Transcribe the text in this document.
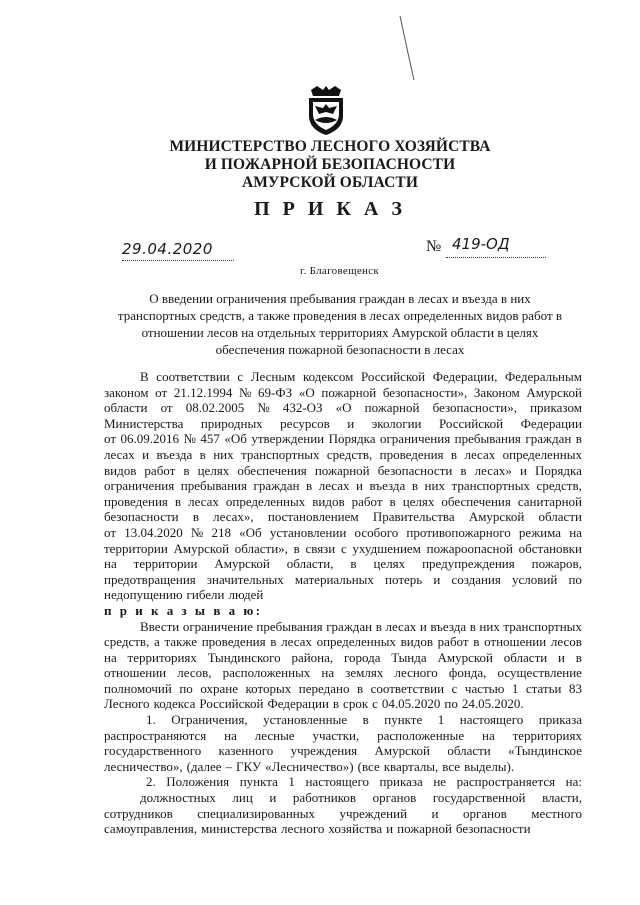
МИНИСТЕРСТВО ЛЕСНОГО ХОЗЯЙСТВА
И ПОЖАРНОЙ БЕЗОПАСНОСТИ
АМУРСКОЙ ОБЛАСТИ
П Р И К А З
29.04.2020	№ 419-ОД
г. Благовещенск
О введении ограничения пребывания граждан в лесах и въезда в них
транспортных средств, а также проведения в лесах определенных видов работ в
отношении лесов на отдельных территориях Амурской области в целях
обеспечения пожарной безопасности в лесах
В соответствии с Лесным кодексом Российской Федерации, Федеральным
законом от 21.12.1994 № 69-ФЗ «О пожарной безопасности», Законом Амурской
области от 08.02.2005 № 432-ОЗ «О пожарной безопасности», приказом
Министерства природных ресурсов и экологии Российской Федерации
от 06.09.2016 № 457 «Об утверждении Порядка ограничения пребывания граждан в
лесах и въезда в них транспортных средств, проведения в лесах определенных
видов работ в целях обеспечения пожарной безопасности в лесах» и Порядка
ограничения пребывания граждан в лесах и въезда в них транспортных средств,
проведения в лесах определенных видов работ в целях обеспечения санитарной
безопасности в лесах», постановлением Правительства Амурской области
от 13.04.2020 № 218 «Об установлении особого противопожарного режима на
территории Амурской области», в связи с ухудшением пожароопасной обстановки
на территории Амурской области, в целях предупреждения пожаров,
предотвращения значительных материальных потерь и создания условий по
недопущению гибели людей
п р и к а з ы в а ю:
Ввести ограничение пребывания граждан в лесах и въезда в них транспортных
средств, а также проведения в лесах определенных видов работ в отношении лесов
на территориях Тындинского района, города Тында Амурской области и в
отношении лесов, расположенных на землях лесного фонда, осуществление
полномочий по охране которых передано в соответствии с частью 1 статьи 83
Лесного кодекса Российской Федерации в срок с 04.05.2020 по 24.05.2020.
1. Ограничения, установленные в пункте 1 настоящего приказа
распространяются на лесные участки, расположенные на территориях
государственного казенного учреждения Амурской области «Тындинское
лесничество», (далее – ГКУ «Лесничество») (все кварталы, все выделы).
2. Положения пункта 1 настоящего приказа не распространяется на:
должностных лиц и работников органов государственной власти,
сотрудников специализированных учреждений и органов местного
самоуправления, министерства лесного хозяйства и пожарной безопасности
